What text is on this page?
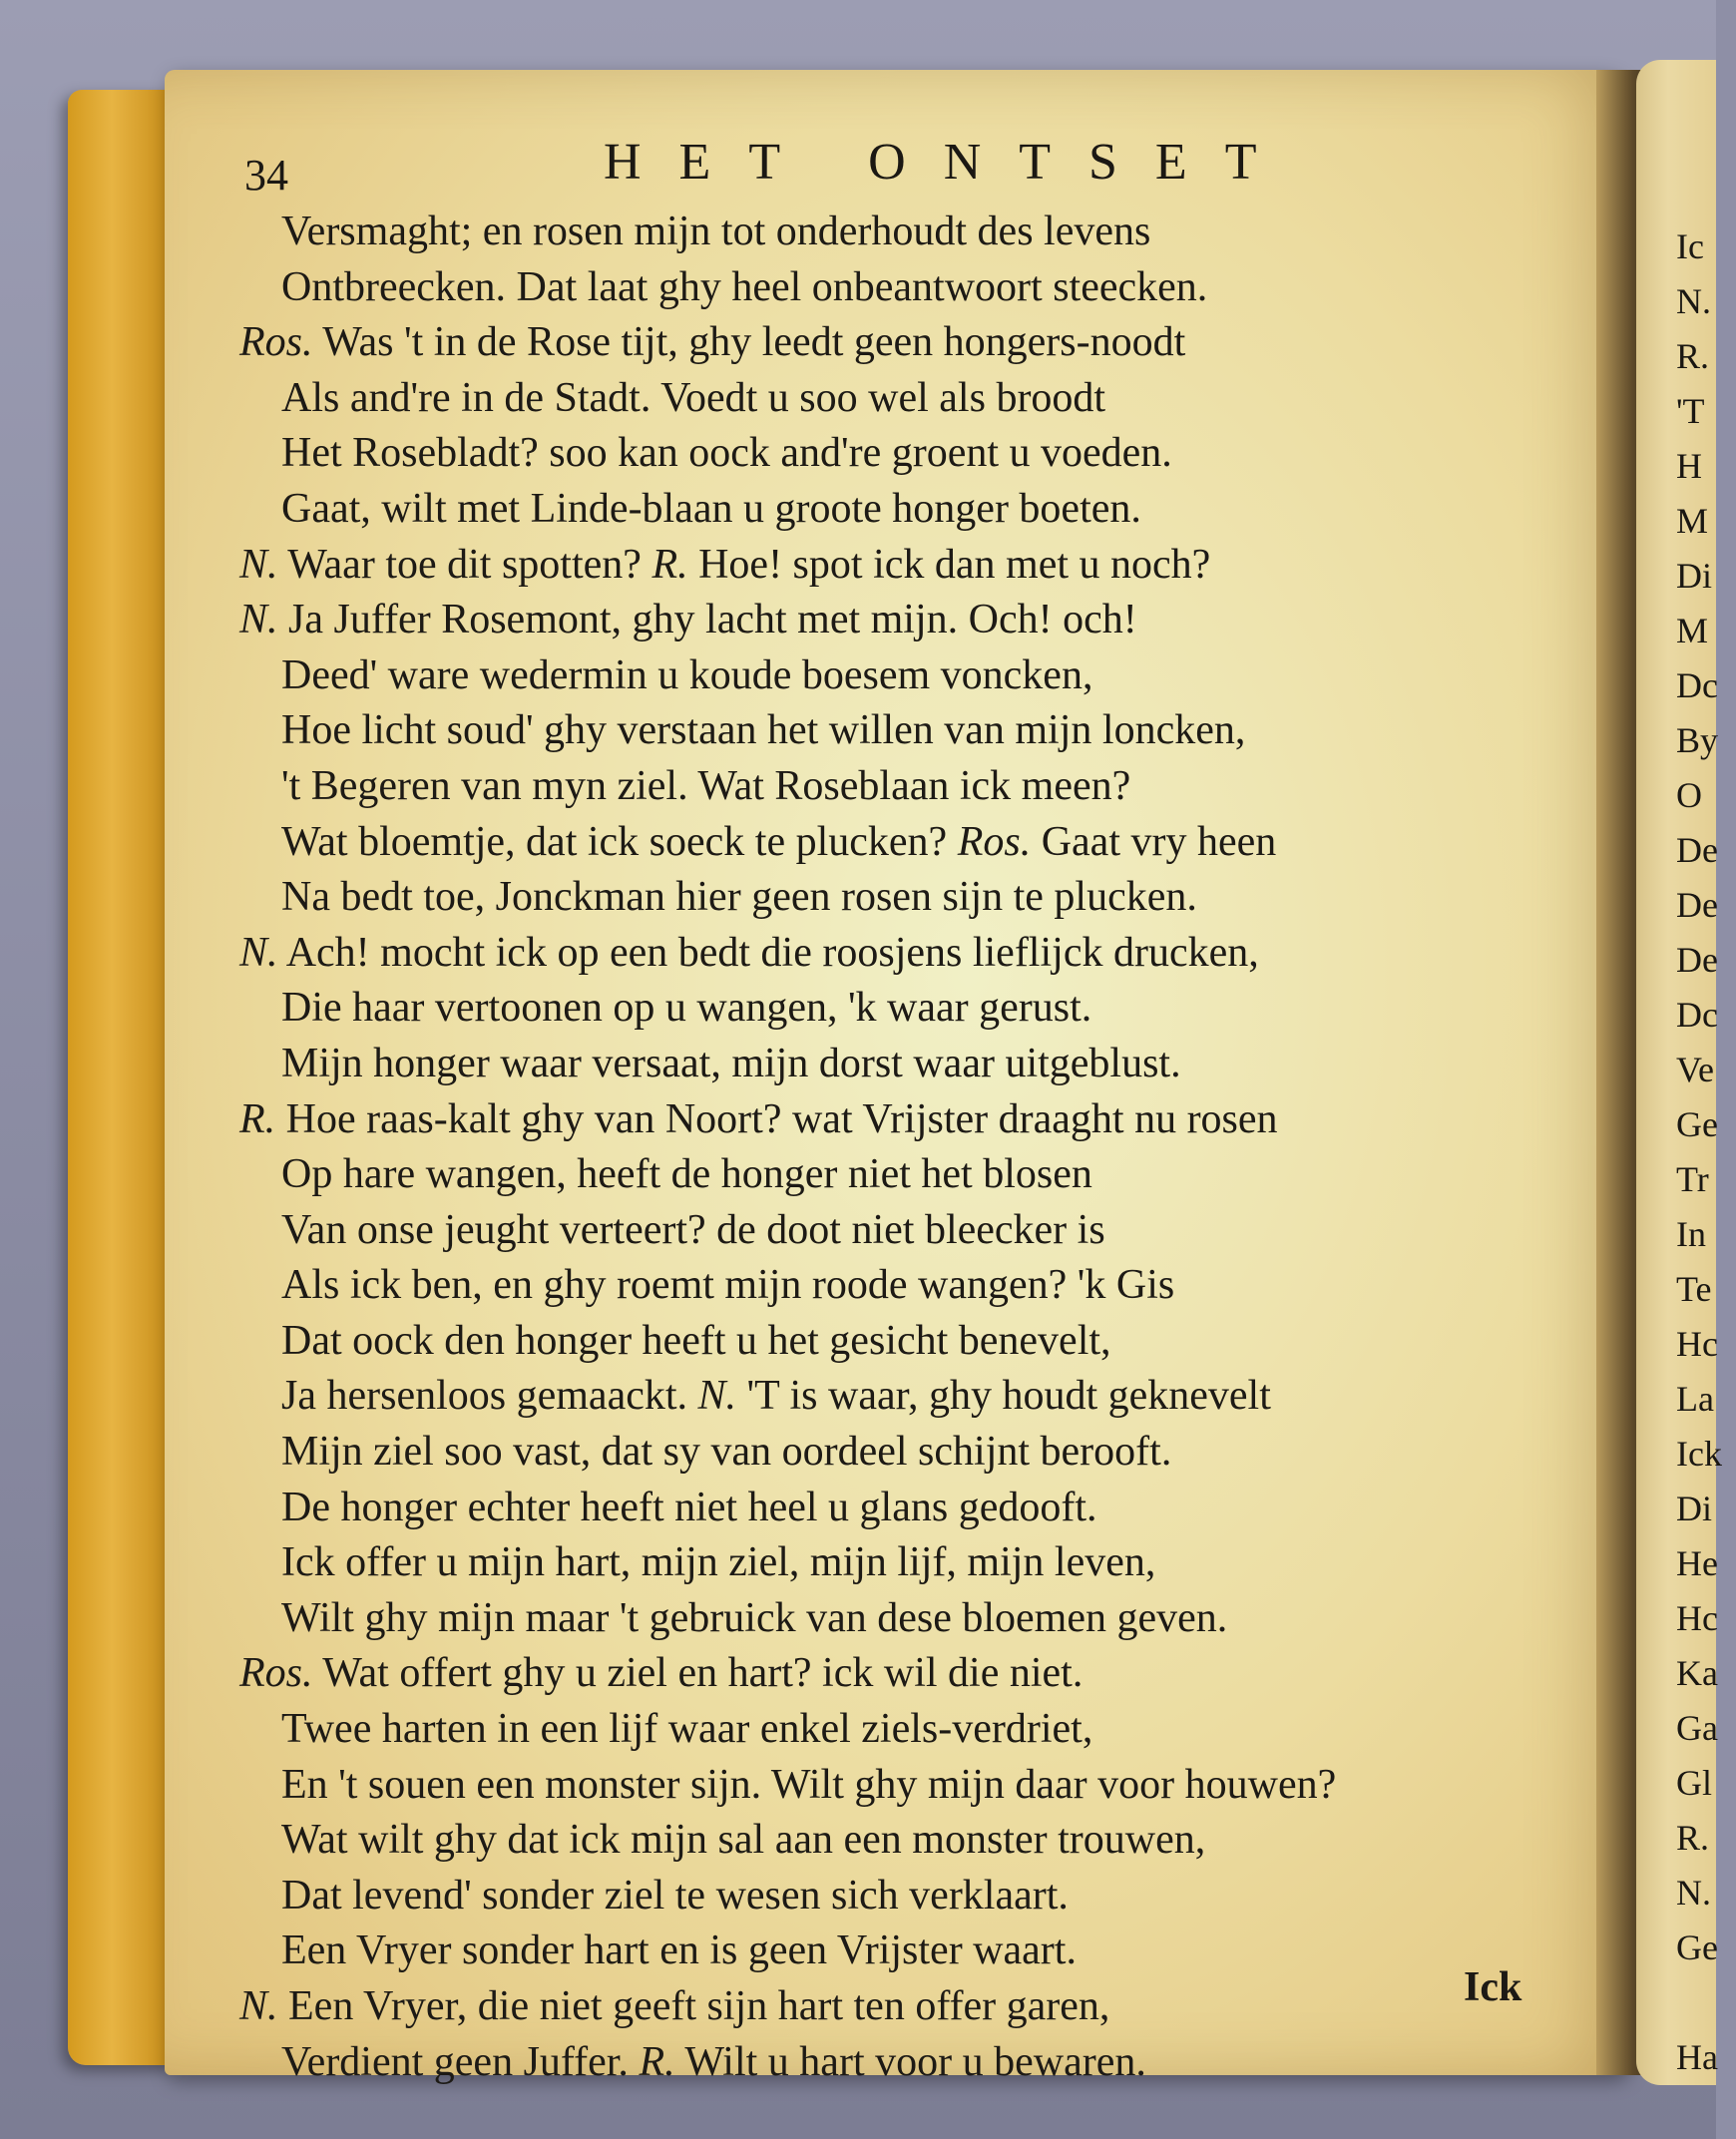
Ic
N.
R.
'T
H
M
Di
M
Dc
By
O
De
De
De
Dc
Ve
Ge
Tr
In
Te
Hc
La
Ick
Di
He
Hc
Ka
Ga
Gl
R.
N.
Ge
Ha
34	HET ONTSET
Versmaght; en rosen mijn tot onderhoudt des levens
Ontbreecken. Dat laat ghy heel onbeantwoort steecken.
Ros. Was 't in de Rose tijt, ghy leedt geen hongers-noodt
Als and're in de Stadt. Voedt u soo wel als broodt
Het Rosebladt? soo kan oock and're groent u voeden.
Gaat, wilt met Linde-blaan u groote honger boeten.
N. Waar toe dit spotten? R. Hoe! spot ick dan met u noch?
N. Ja Juffer Rosemont, ghy lacht met mijn. Och! och!
Deed' ware wedermin u koude boesem voncken,
Hoe licht soud' ghy verstaan het willen van mijn loncken,
't Begeren van myn ziel. Wat Roseblaan ick meen?
Wat bloemtje, dat ick soeck te plucken? Ros. Gaat vry heen
Na bedt toe, Jonckman hier geen rosen sijn te plucken.
N. Ach! mocht ick op een bedt die roosjens lieflijck drucken,
Die haar vertoonen op u wangen, 'k waar gerust.
Mijn honger waar versaat, mijn dorst waar uitgeblust.
R. Hoe raas-kalt ghy van Noort? wat Vrijster draaght nu rosen
Op hare wangen, heeft de honger niet het blosen
Van onse jeught verteert? de doot niet bleecker is
Als ick ben, en ghy roemt mijn roode wangen? 'k Gis
Dat oock den honger heeft u het gesicht benevelt,
Ja hersenloos gemaackt. N. 'T is waar, ghy houdt geknevelt
Mijn ziel soo vast, dat sy van oordeel schijnt berooft.
De honger echter heeft niet heel u glans gedooft.
Ick offer u mijn hart, mijn ziel, mijn lijf, mijn leven,
Wilt ghy mijn maar 't gebruick van dese bloemen geven.
Ros. Wat offert ghy u ziel en hart? ick wil die niet.
Twee harten in een lijf waar enkel ziels-verdriet,
En 't souen een monster sijn. Wilt ghy mijn daar voor houwen?
Wat wilt ghy dat ick mijn sal aan een monster trouwen,
Dat levend' sonder ziel te wesen sich verklaart.
Een Vryer sonder hart en is geen Vrijster waart.
N. Een Vryer, die niet geeft sijn hart ten offer garen,
Verdient geen Juffer. R. Wilt u hart voor u bewaren.
Ick
